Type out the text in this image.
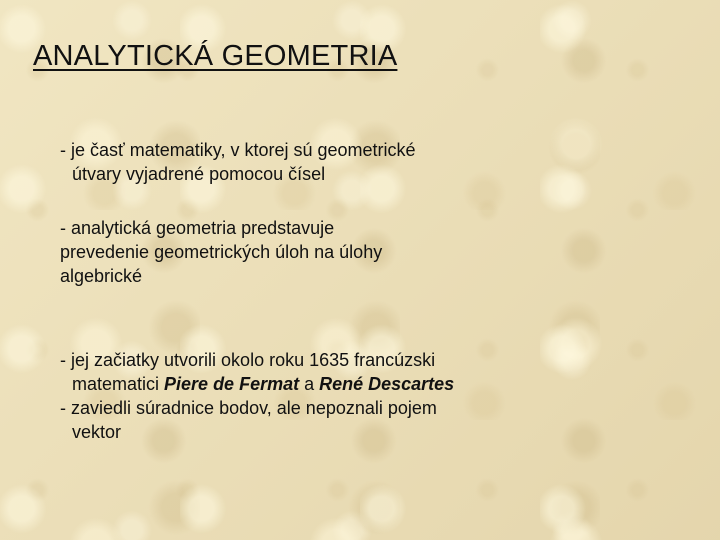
ANALYTICKÁ GEOMETRIA

- je časť matematiky, v ktorej sú geometrické
útvary vyjadrené pomocou čísel

- analytická geometria predstavuje
prevedenie geometrických úloh na úlohy
algebrické

- jej začiatky utvorili okolo roku 1635 francúzski
matematici Piere de Fermat a René Descartes
- zaviedli súradnice bodov, ale nepoznali pojem
vektor
